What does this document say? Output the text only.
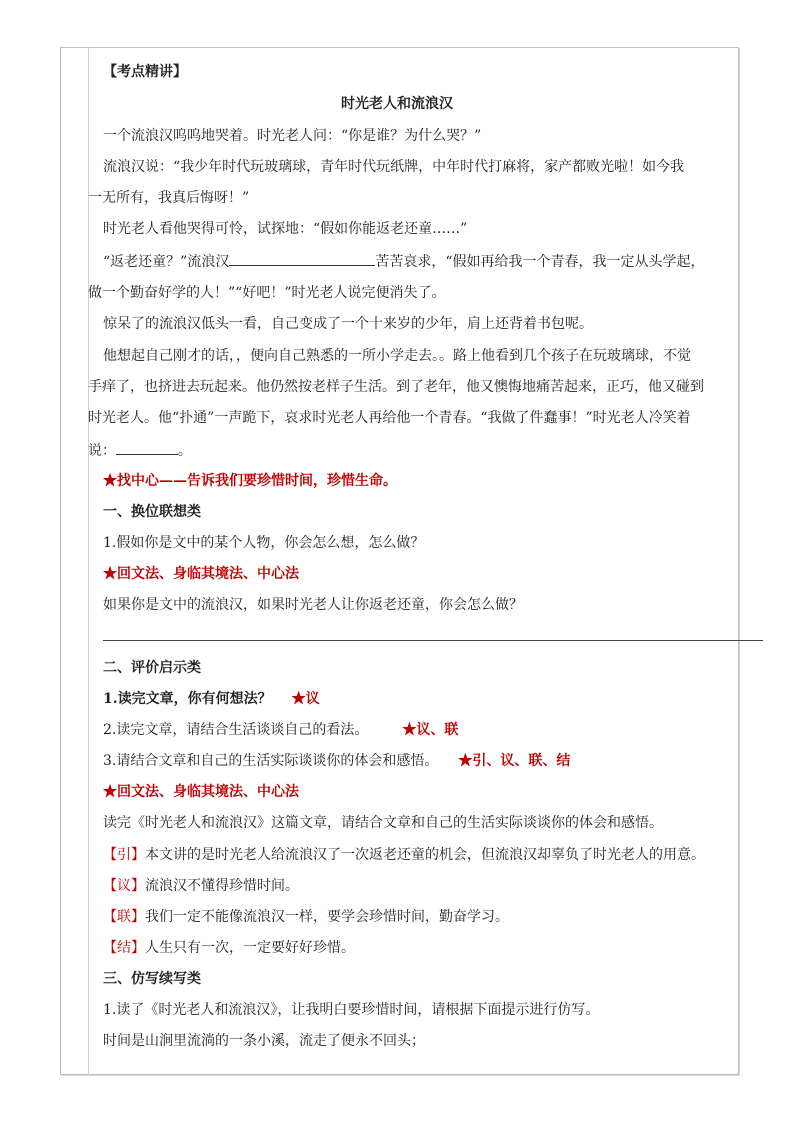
【考点精讲】
时光老人和流浪汉
一个流浪汉呜呜地哭着。时光老人问：“你是谁？为什么哭？”
流浪汉说：“我少年时代玩玻璃球，青年时代玩纸牌，中年时代打麻将，家产都败光啦！如今我
一无所有，我真后悔呀！”
时光老人看他哭得可怜，试探地：“假如你能返老还童……”
“返老还童？”流浪汉	苦苦哀求，“假如再给我一个青春，我一定从头学起，
做一个勤奋好学的人！”“好吧！”时光老人说完便消失了。
惊呆了的流浪汉低头一看，自己变成了一个十来岁的少年，肩上还背着书包呢。
他想起自己刚才的话，，便向自己熟悉的一所小学走去。。路上他看到几个孩子在玩玻璃球，不觉
手痒了，也挤进去玩起来。他仍然按老样子生活。到了老年，他又懊悔地痛苦起来，正巧，他又碰到
时光老人。他“扑通”一声跪下，哀求时光老人再给他一个青春。“我做了件蠢事！”时光老人冷笑着
说：	。
★找中心——告诉我们要珍惜时间，珍惜生命。
一、换位联想类
1.假如你是文中的某个人物，你会怎么想，怎么做？
★回文法、身临其境法、中心法
如果你是文中的流浪汉，如果时光老人让你返老还童，你会怎么做？
二、评价启示类
1.读完文章，你有何想法？ ★议
2.读完文章，请结合生活谈谈自己的看法。 ★议、联
3.请结合文章和自己的生活实际谈谈你的体会和感悟。 ★引、议、联、结
★回文法、身临其境法、中心法
读完《时光老人和流浪汉》这篇文章，请结合文章和自己的生活实际谈谈你的体会和感悟。
【引】本文讲的是时光老人给流浪汉了一次返老还童的机会，但流浪汉却辜负了时光老人的用意。
【议】流浪汉不懂得珍惜时间。
【联】我们一定不能像流浪汉一样，要学会珍惜时间，勤奋学习。
【结】人生只有一次，一定要好好珍惜。
三、仿写续写类
1.读了《时光老人和流浪汉》，让我明白要珍惜时间，请根据下面提示进行仿写。
时间是山涧里流淌的一条小溪，流走了便永不回头；
